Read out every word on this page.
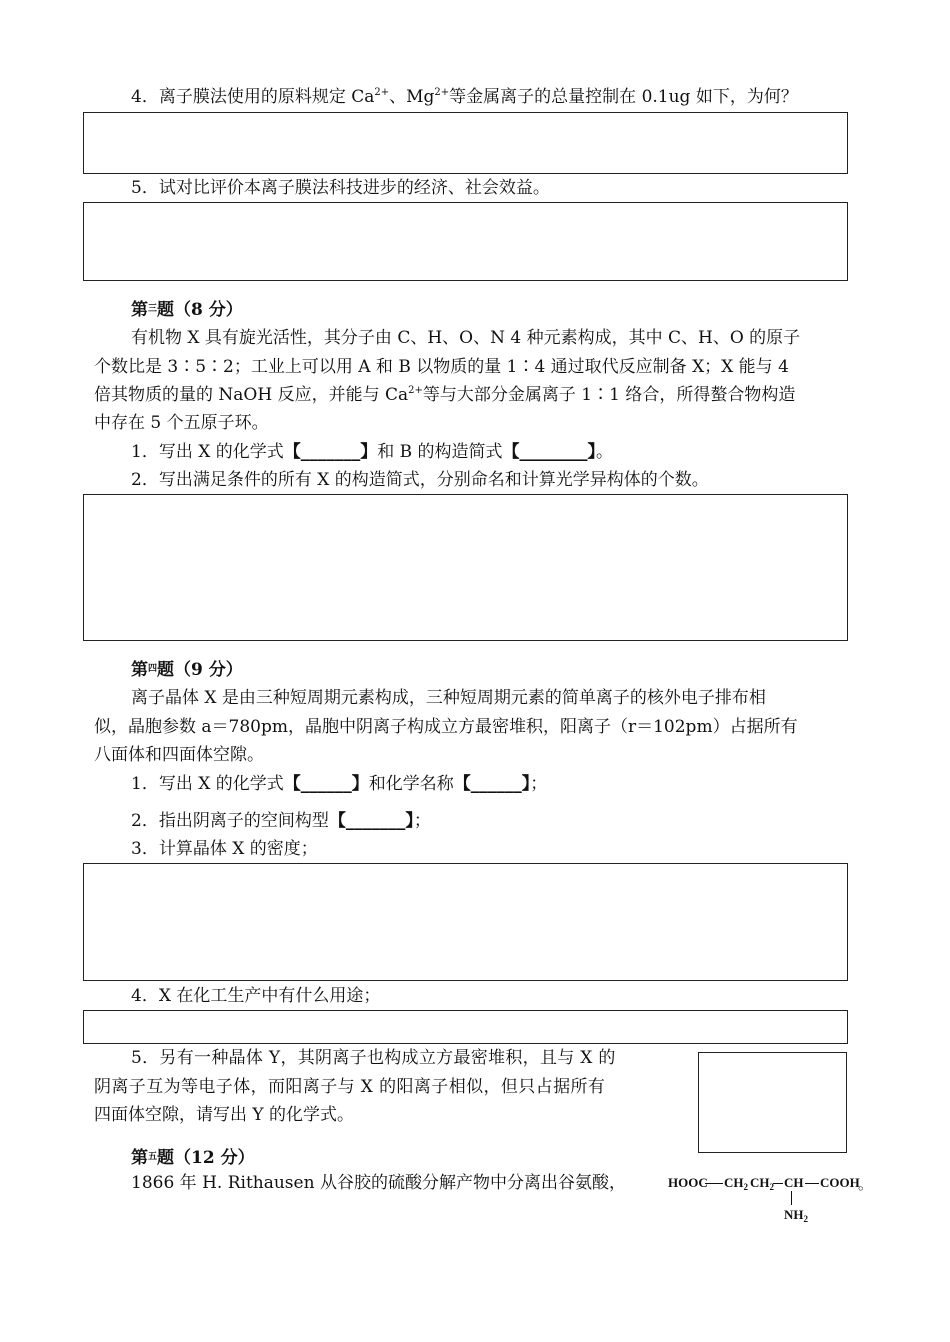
4．离子膜法使用的原料规定 $Ca^{2+}$、$Mg^{2+}$等金属离子的总量控制在 0.1ug 如下，为何？
5．试对比评价本离子膜法科技进步的经济、社会效益。
第$^三$题（8 分）
有机物 X 具有旋光活性，其分子由 C、H、O、N 4 种元素构成，其中 C、H、O 的原子
个数比是 3∶5∶2；工业上可以用 A 和 B 以物质的量 1∶4 通过取代反应制备 X；X 能与 4
倍其物质的量的 NaOH 反应，并能与 $Ca^{2+}$等与大部分金属离子 1∶1 络合，所得螯合物构造
中存在 5 个五原子环。
1．写出 X 的化学式【_______】和 B 的构造简式【________】。
2．写出满足条件的所有 X 的构造简式，分别命名和计算光学异构体的个数。
第$^四$题（9 分）
离子晶体 X 是由三种短周期元素构成，三种短周期元素的简单离子的核外电子排布相
似，晶胞参数 a＝780pm，晶胞中阴离子构成立方最密堆积，阳离子（r＝102pm）占据所有
八面体和四面体空隙。
1．写出 X 的化学式【______】和化学名称【______】；
2．指出阴离子的空间构型【_______】；
3．计算晶体 X 的密度；
4．X 在化工生产中有什么用途；
5．另有一种晶体 Y，其阴离子也构成立方最密堆积，且与 X 的
阴离子互为等电子体，而阳离子与 X 的阳离子相似，但只占据所有
四面体空隙，请写出 Y 的化学式。
第$^五$题（12 分）
1866 年 H. Rithausen 从谷胶的硫酸分解产物中分离出谷氨酸，	HOOC $CH_2$ $CH_2$ CH COOH
。
$NH_2$
